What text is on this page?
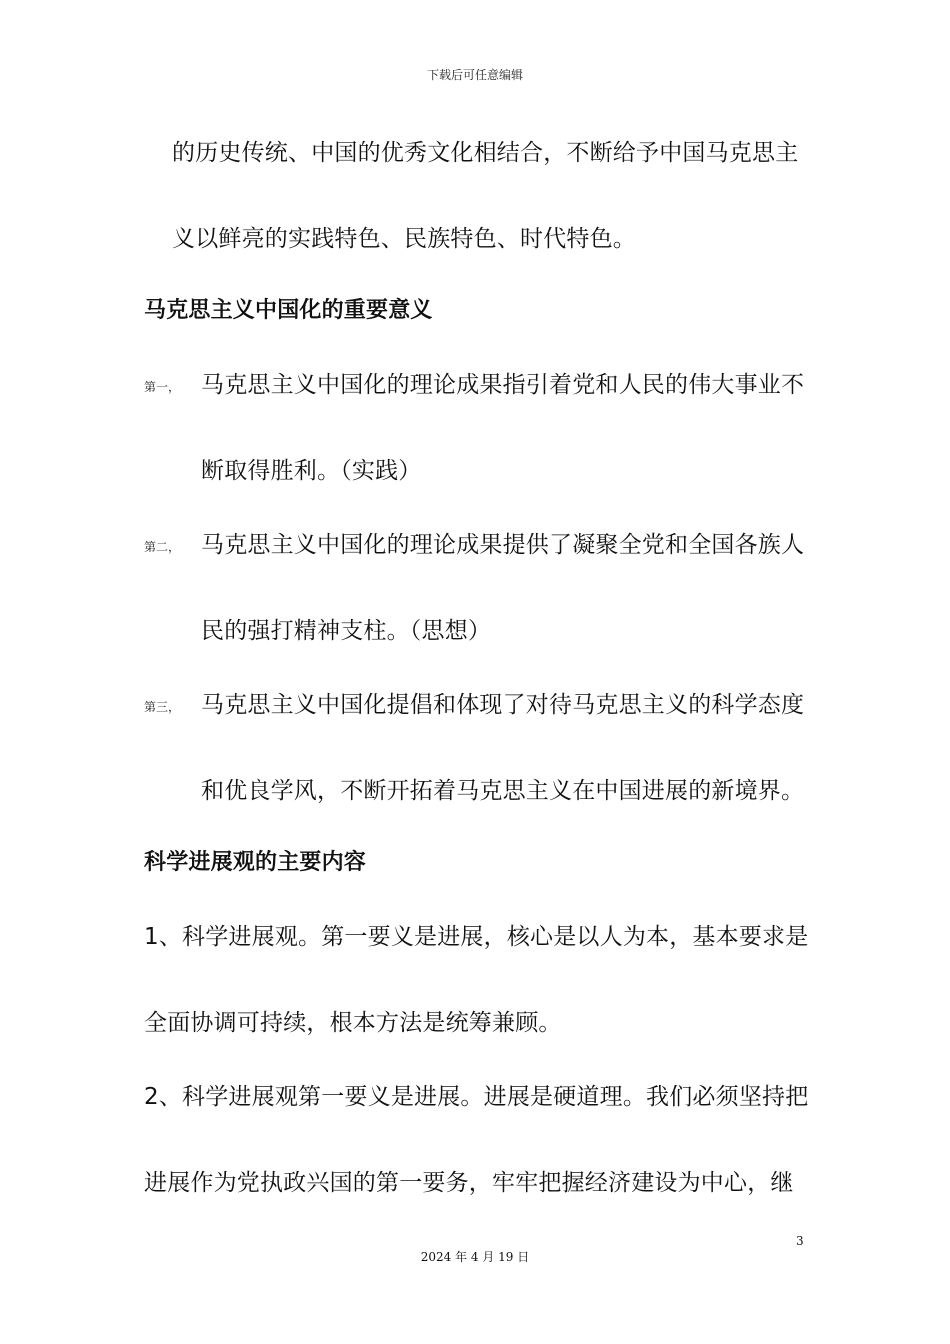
下载后可任意编辑
的历史传统、中国的优秀文化相结合，不断给予中国马克思主
义以鲜亮的实践特色、民族特色、时代特色。
马克思主义中国化的重要意义
第一， 马克思主义中国化的理论成果指引着党和人民的伟大事业不
断取得胜利。（实践）
第二， 马克思主义中国化的理论成果提供了凝聚全党和全国各族人
民的强打精神支柱。（思想）
第三， 马克思主义中国化提倡和体现了对待马克思主义的科学态度
和优良学风，不断开拓着马克思主义在中国进展的新境界。
科学进展观的主要内容
1、科学进展观。第一要义是进展，核心是以人为本，基本要求是
全面协调可持续，根本方法是统筹兼顾。
2、科学进展观第一要义是进展。进展是硬道理。我们必须坚持把
进展作为党执政兴国的第一要务，牢牢把握经济建设为中心，继
3
2024 年 4 月 19 日
